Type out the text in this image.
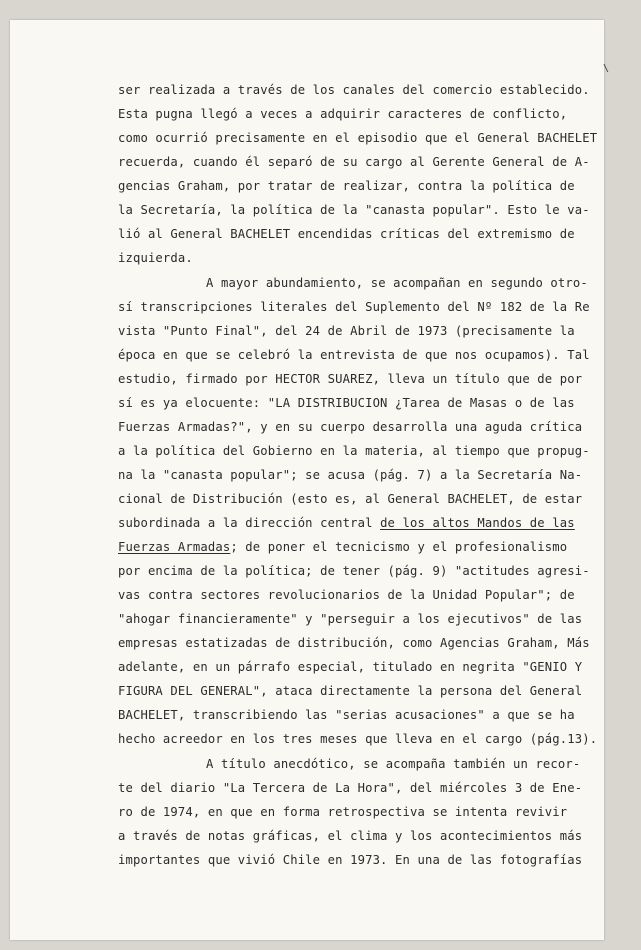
\
ser realizada a través de los canales del comercio establecido.
Esta pugna llegó a veces a adquirir caracteres de conflicto,
como ocurrió precisamente en el episodio que el General BACHELET
recuerda, cuando él separó de su cargo al Gerente General de A-
gencias Graham, por tratar de realizar, contra la política de
la Secretaría, la política de la "canasta popular". Esto le va-
lió al General BACHELET encendidas críticas del extremismo de
izquierda.
A mayor abundamiento, se acompañan en segundo otro-
sí transcripciones literales del Suplemento del Nº 182 de la Re
vista "Punto Final", del 24 de Abril de 1973 (precisamente la
época en que se celebró la entrevista de que nos ocupamos). Tal
estudio, firmado por HECTOR SUAREZ, lleva un título que de por
sí es ya elocuente: "LA DISTRIBUCION ¿Tarea de Masas o de las
Fuerzas Armadas?", y en su cuerpo desarrolla una aguda crítica
a la política del Gobierno en la materia, al tiempo que propug-
na la "canasta popular"; se acusa (pág. 7) a la Secretaría Na-
cional de Distribución (esto es, al General BACHELET, de estar
subordinada a la dirección central de los altos Mandos de las
Fuerzas Armadas; de poner el tecnicismo y el profesionalismo
por encima de la política; de tener (pág. 9) "actitudes agresi-
vas contra sectores revolucionarios de la Unidad Popular"; de
"ahogar financieramente" y "perseguir a los ejecutivos" de las
empresas estatizadas de distribución, como Agencias Graham, Más
adelante, en un párrafo especial, titulado en negrita "GENIO Y
FIGURA DEL GENERAL", ataca directamente la persona del General
BACHELET, transcribiendo las "serias acusaciones" a que se ha
hecho acreedor en los tres meses que lleva en el cargo (pág.13).
A título anecdótico, se acompaña también un recor-
te del diario "La Tercera de La Hora", del miércoles 3 de Ene-
ro de 1974, en que en forma retrospectiva se intenta revivir
a través de notas gráficas, el clima y los acontecimientos más
importantes que vivió Chile en 1973. En una de las fotografías
